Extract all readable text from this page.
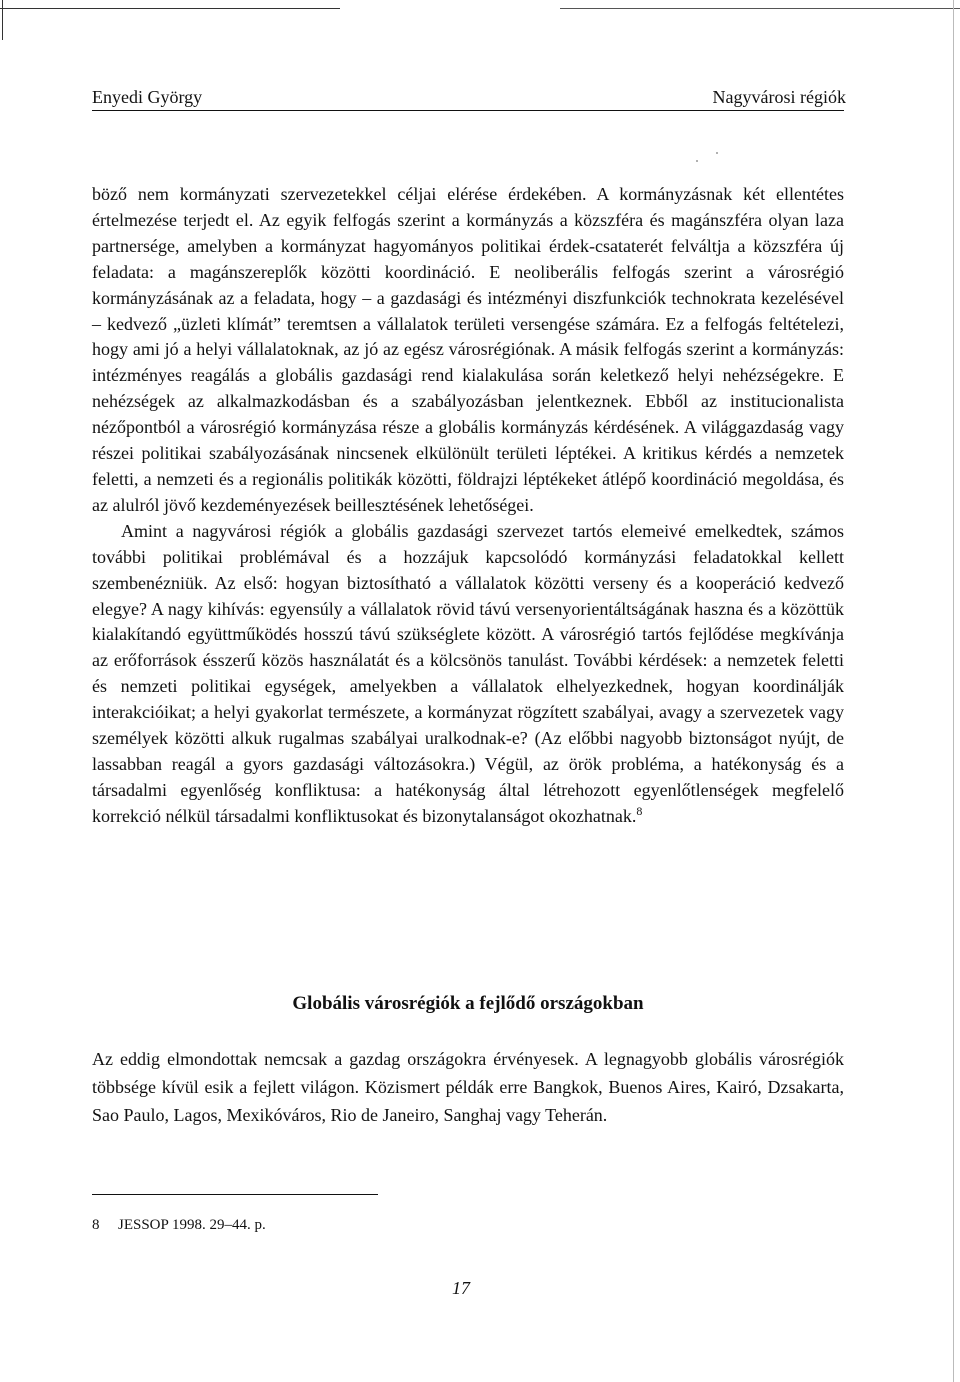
Enyedi György	Nagyvárosi régiók

böző nem kormányzati szervezetekkel céljai elérése érdekében. A kormányzásnak két ellentétes értelmezése terjedt el. Az egyik felfogás szerint a kormányzás a közszféra és magánszféra olyan laza partnersége, amelyben a kormányzat hagyományos politikai érdek-csataterét felváltja a közszféra új feladata: a magánszereplők közötti koordináció. E neoliberális felfogás szerint a városrégió kormányzásának az a feladata, hogy – a gazdasági és intézményi diszfunkciók technokrata kezelésével – kedvező „üzleti klímát” teremtsen a vállalatok területi versengése számára. Ez a felfogás feltételezi, hogy ami jó a helyi vállalatoknak, az jó az egész városrégiónak. A másik felfogás szerint a kormányzás: intézményes reagálás a globális gazdasági rend kialakulása során keletkező helyi nehézségekre. E nehézségek az alkalmazkodásban és a szabályozásban jelentkeznek. Ebből az institucionalista nézőpontból a városrégió kormányzása része a globális kormányzás kérdésének. A világgazdaság vagy részei politikai szabályozásának nincsenek elkülönült területi léptékei. A kritikus kérdés a nemzetek feletti, a nemzeti és a regionális politikák közötti, földrajzi léptékeket átlépő koordináció megoldása, és az alulról jövő kezdeményezések beillesztésének lehetőségei.

Amint a nagyvárosi régiók a globális gazdasági szervezet tartós elemeivé emelkedtek, számos további politikai problémával és a hozzájuk kapcsolódó kormányzási feladatokkal kellett szembenézniük. Az első: hogyan biztosítható a vállalatok közötti verseny és a kooperáció kedvező elegye? A nagy kihívás: egyensúly a vállalatok rövid távú versenyorientáltságának haszna és a közöttük kialakítandó együttműködés hosszú távú szükséglete között. A városrégió tartós fejlődése megkívánja az erőforrások ésszerű közös használatát és a kölcsönös tanulást. További kérdések: a nemzetek feletti és nemzeti politikai egységek, amelyekben a vállalatok elhelyezkednek, hogyan koordinálják interakcióikat; a helyi gyakorlat természete, a kormányzat rögzített szabályai, avagy a szervezetek vagy személyek közötti alkuk rugalmas szabályai uralkodnak-e? (Az előbbi nagyobb biztonságot nyújt, de lassabban reagál a gyors gazdasági változásokra.) Végül, az örök probléma, a hatékonyság és a társadalmi egyenlőség konfliktusa: a hatékonyság által létrehozott egyenlőtlenségek megfelelő korrekció nélkül társadalmi konfliktusokat és bizonytalanságot okozhatnak.$^8$

Globális városrégiók a fejlődő országokban

Az eddig elmondottak nemcsak a gazdag országokra érvényesek. A legnagyobb globális városrégiók többsége kívül esik a fejlett világon. Közismert példák erre Bangkok, Buenos Aires, Kairó, Dzsakarta, Sao Paulo, Lagos, Mexikóváros, Rio de Janeiro, Sanghaj vagy Teherán.

8 JESSOP 1998. 29–44. p.
17
